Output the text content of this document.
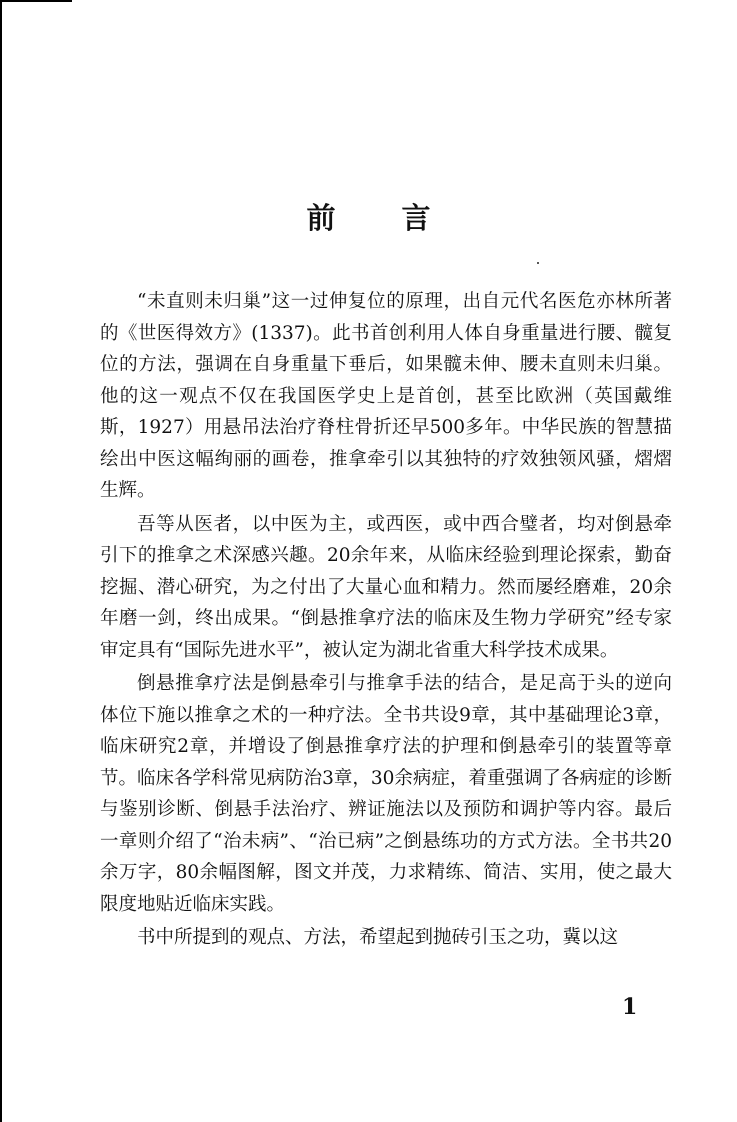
前 言

“未直则未归巢”这一过伸复位的原理，出自元代名医危亦林所著的《世医得效方》(1337)。此书首创利用人体自身重量进行腰、髋复位的方法，强调在自身重量下垂后，如果髋未伸、腰未直则未归巢。他的这一观点不仅在我国医学史上是首创，甚至比欧洲（英国戴维斯，1927）用悬吊法治疗脊柱骨折还早500多年。中华民族的智慧描绘出中医这幅绚丽的画卷，推拿牵引以其独特的疗效独领风骚，熠熠生辉。

吾等从医者，以中医为主，或西医，或中西合璧者，均对倒悬牵引下的推拿之术深感兴趣。20余年来，从临床经验到理论探索，勤奋挖掘、潜心研究，为之付出了大量心血和精力。然而屡经磨难，20余年磨一剑，终出成果。“倒悬推拿疗法的临床及生物力学研究”经专家审定具有“国际先进水平”，被认定为湖北省重大科学技术成果。

倒悬推拿疗法是倒悬牵引与推拿手法的结合，是足高于头的逆向体位下施以推拿之术的一种疗法。全书共设9章，其中基础理论3章，临床研究2章，并增设了倒悬推拿疗法的护理和倒悬牵引的装置等章节。临床各学科常见病防治3章，30余病症，着重强调了各病症的诊断与鉴别诊断、倒悬手法治疗、辨证施法以及预防和调护等内容。最后一章则介绍了“治未病”、“治已病”之倒悬练功的方式方法。全书共20余万字，80余幅图解，图文并茂，力求精练、简洁、实用，使之最大限度地贴近临床实践。

书中所提到的观点、方法，希望起到抛砖引玉之功，冀以这

1
